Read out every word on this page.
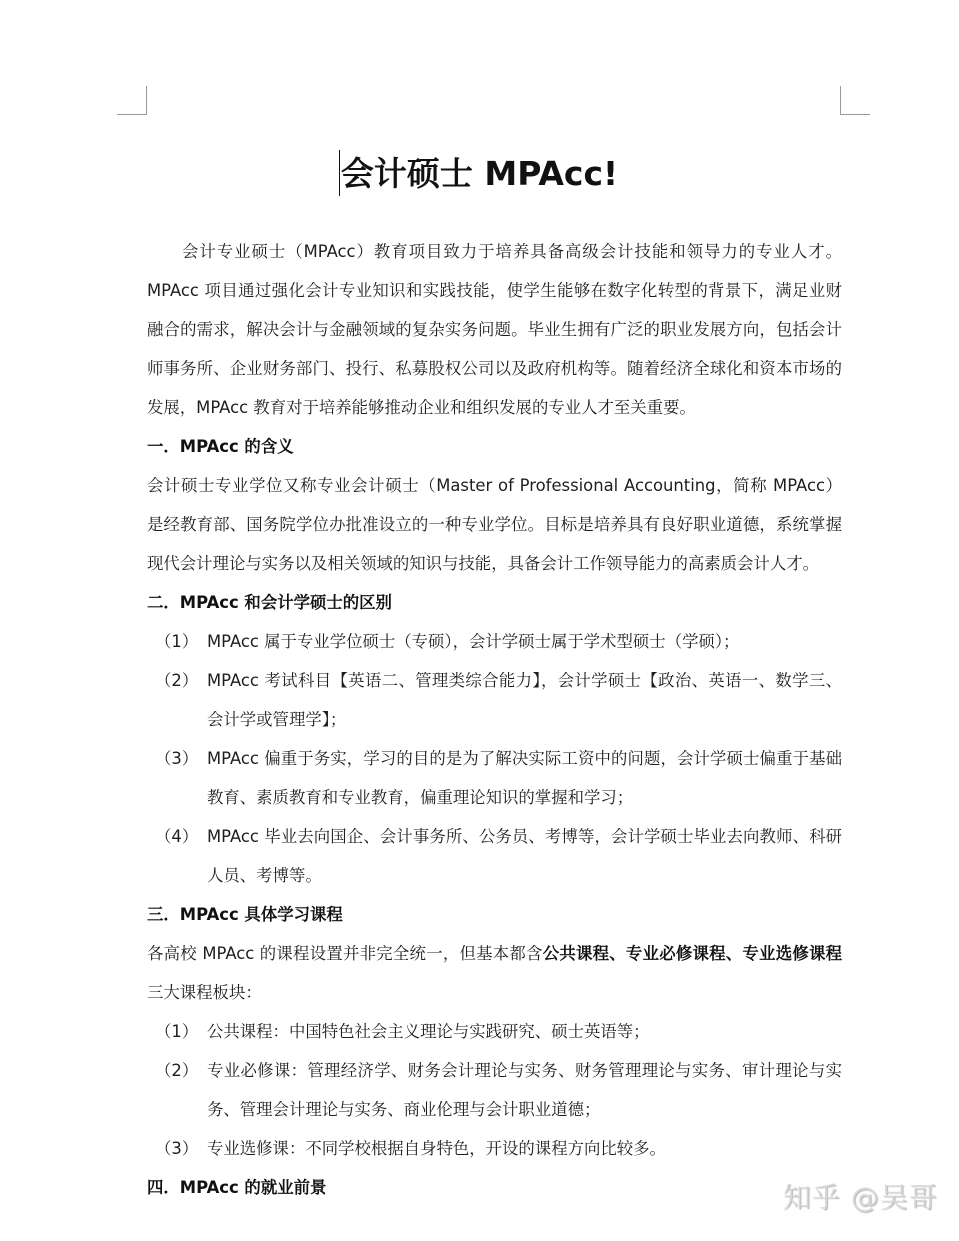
会计硕士 MPAcc!

会计专业硕士（MPAcc）教育项目致力于培养具备高级会计技能和领导力的专业人才。MPAcc 项目通过强化会计专业知识和实践技能，使学生能够在数字化转型的背景下，满足业财融合的需求，解决会计与金融领域的复杂实务问题。毕业生拥有广泛的职业发展方向，包括会计师事务所、企业财务部门、投行、私募股权公司以及政府机构等。随着经济全球化和资本市场的发展，MPAcc 教育对于培养能够推动企业和组织发展的专业人才至关重要。

一．MPAcc 的含义

会计硕士专业学位又称专业会计硕士（Master of Professional Accounting，简称 MPAcc）是经教育部、国务院学位办批准设立的一种专业学位。目标是培养具有良好职业道德，系统掌握现代会计理论与实务以及相关领域的知识与技能，具备会计工作领导能力的高素质会计人才。

二．MPAcc 和会计学硕士的区别

（1） MPAcc 属于专业学位硕士（专硕），会计学硕士属于学术型硕士（学硕）；
（2） MPAcc 考试科目【英语二、管理类综合能力】，会计学硕士【政治、英语一、数学三、会计学或管理学】；
（3） MPAcc 偏重于务实，学习的目的是为了解决实际工资中的问题，会计学硕士偏重于基础教育、素质教育和专业教育，偏重理论知识的掌握和学习；
（4） MPAcc 毕业去向国企、会计事务所、公务员、考博等，会计学硕士毕业去向教师、科研人员、考博等。

三．MPAcc 具体学习课程

各高校 MPAcc 的课程设置并非完全统一，但基本都含公共课程、专业必修课程、专业选修课程三大课程板块：

（1） 公共课程：中国特色社会主义理论与实践研究、硕士英语等；
（2） 专业必修课：管理经济学、财务会计理论与实务、财务管理理论与实务、审计理论与实务、管理会计理论与实务、商业伦理与会计职业道德；
（3） 专业选修课：不同学校根据自身特色，开设的课程方向比较多。

四．MPAcc 的就业前景	知乎 @吴哥
